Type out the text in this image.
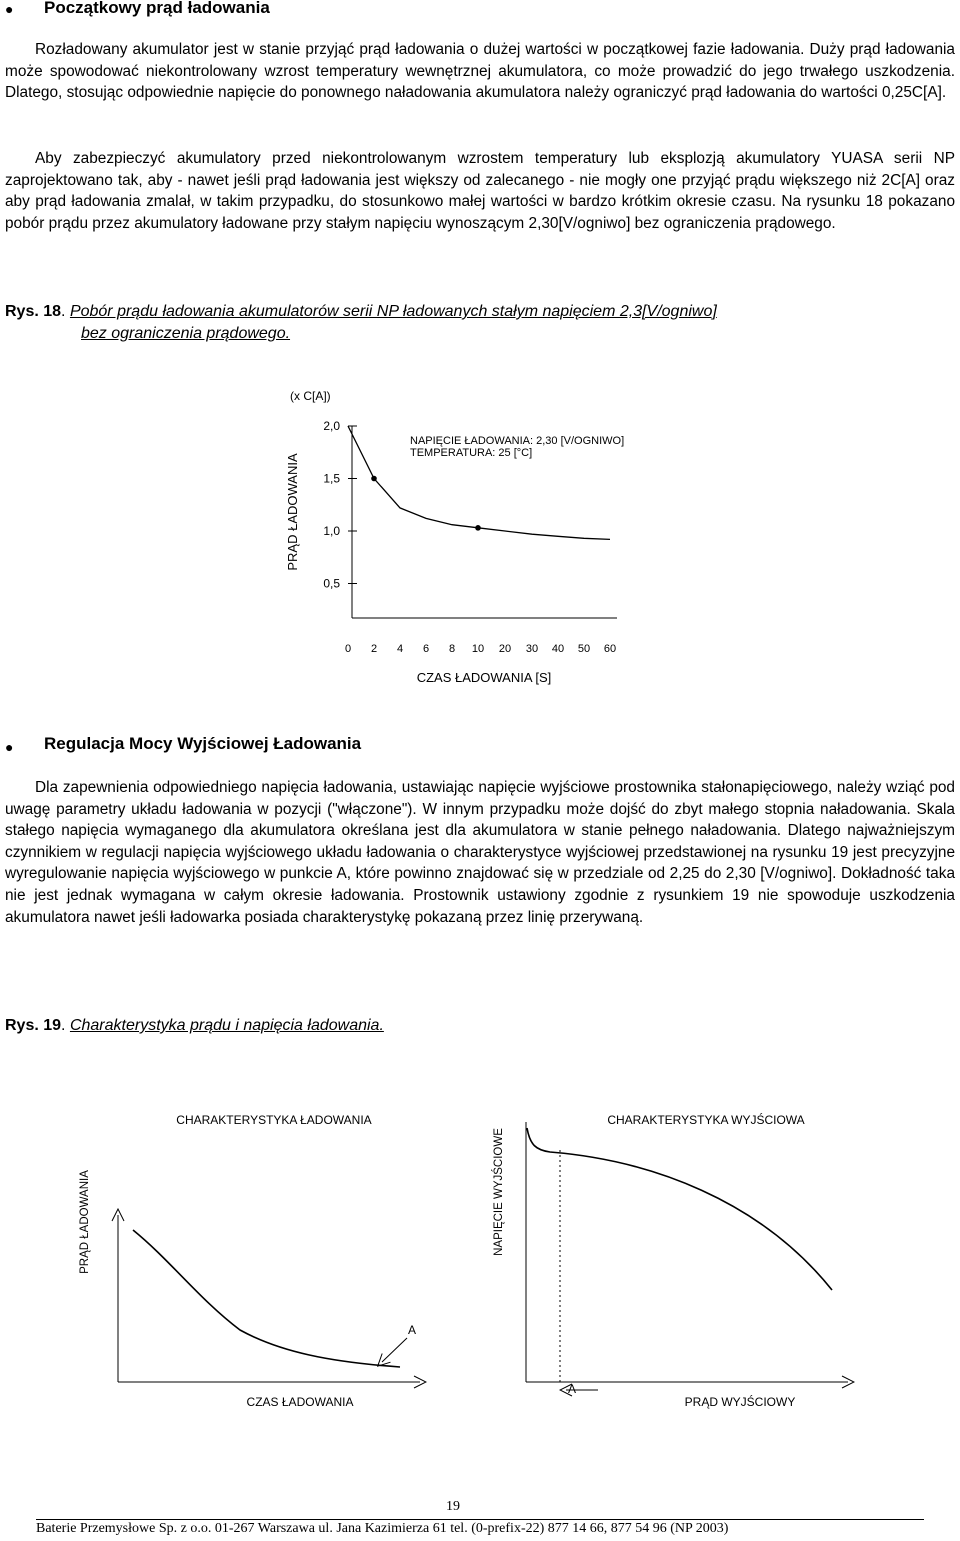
● Początkowy prąd ładowania
Rozładowany akumulator jest w stanie przyjąć prąd ładowania o dużej wartości w początkowej fazie ładowania. Duży prąd ładowania może spowodować niekontrolowany wzrost temperatury wewnętrznej akumulatora, co może prowadzić do jego trwałego uszkodzenia. Dlatego, stosując odpowiednie napięcie do ponownego naładowania akumulatora należy ograniczyć prąd ładowania do wartości 0,25C[A].
Aby zabezpieczyć akumulatory przed niekontrolowanym wzrostem temperatury lub eksplozją akumulatory YUASA serii NP zaprojektowano tak, aby - nawet jeśli prąd ładowania jest większy od zalecanego - nie mogły one przyjąć prądu większego niż 2C[A] oraz aby prąd ładowania zmalał, w takim przypadku, do stosunkowo małej wartości w bardzo krótkim okresie czasu. Na rysunku 18 pokazano pobór prądu przez akumulatory ładowane przy stałym napięciu wynoszącym 2,30[V/ogniwo] bez ograniczenia prądowego.
Rys. 18. Pobór prądu ładowania akumulatorów serii NP ładowanych stałym napięciem 2,3[V/ogniwo]
bez ograniczenia prądowego.
(x C[A])
PRĄD ŁADOWANIA
2,0
1,5
1,0
0,5
0 2 4 6 8 10 20 30 40 50 60
NAPIĘCIE ŁADOWANIA: 2,30 [V/OGNIWO]
TEMPERATURA: 25 [°C]
CZAS ŁADOWANIA [S]
● Regulacja Mocy Wyjściowej Ładowania
Dla zapewnienia odpowiedniego napięcia ładowania, ustawiając napięcie wyjściowe prostownika stałonapięciowego, należy wziąć pod uwagę parametry układu ładowania w pozycji ("włączone"). W innym przypadku może dojść do zbyt małego stopnia naładowania. Skala stałego napięcia wymaganego dla akumulatora określana jest dla akumulatora w stanie pełnego naładowania. Dlatego najważniejszym czynnikiem w regulacji napięcia wyjściowego układu ładowania o charakterystyce wyjściowej przedstawionej na rysunku 19 jest precyzyjne wyregulowanie napięcia wyjściowego w punkcie A, które powinno znajdować się w przedziale od 2,25 do 2,30 [V/ogniwo]. Dokładność taka nie jest jednak wymagana w całym okresie ładowania. Prostownik ustawiony zgodnie z rysunkiem 19 nie spowoduje uszkodzenia akumulatora nawet jeśli ładowarka posiada charakterystykę pokazaną przez linię przerywaną.
Rys. 19. Charakterystyka prądu i napięcia ładowania.
CHARAKTERYSTYKA ŁADOWANIA
PRĄD ŁADOWANIA
A
CZAS ŁADOWANIA
CHARAKTERYSTYKA WYJŚCIOWA
NAPIĘCIE WYJŚCIOWE
A
PRĄD WYJŚCIOWY
19
Baterie Przemysłowe Sp. z o.o. 01-267 Warszawa ul. Jana Kazimierza 61 tel. (0-prefix-22) 877 14 66, 877 54 96 (NP 2003)
